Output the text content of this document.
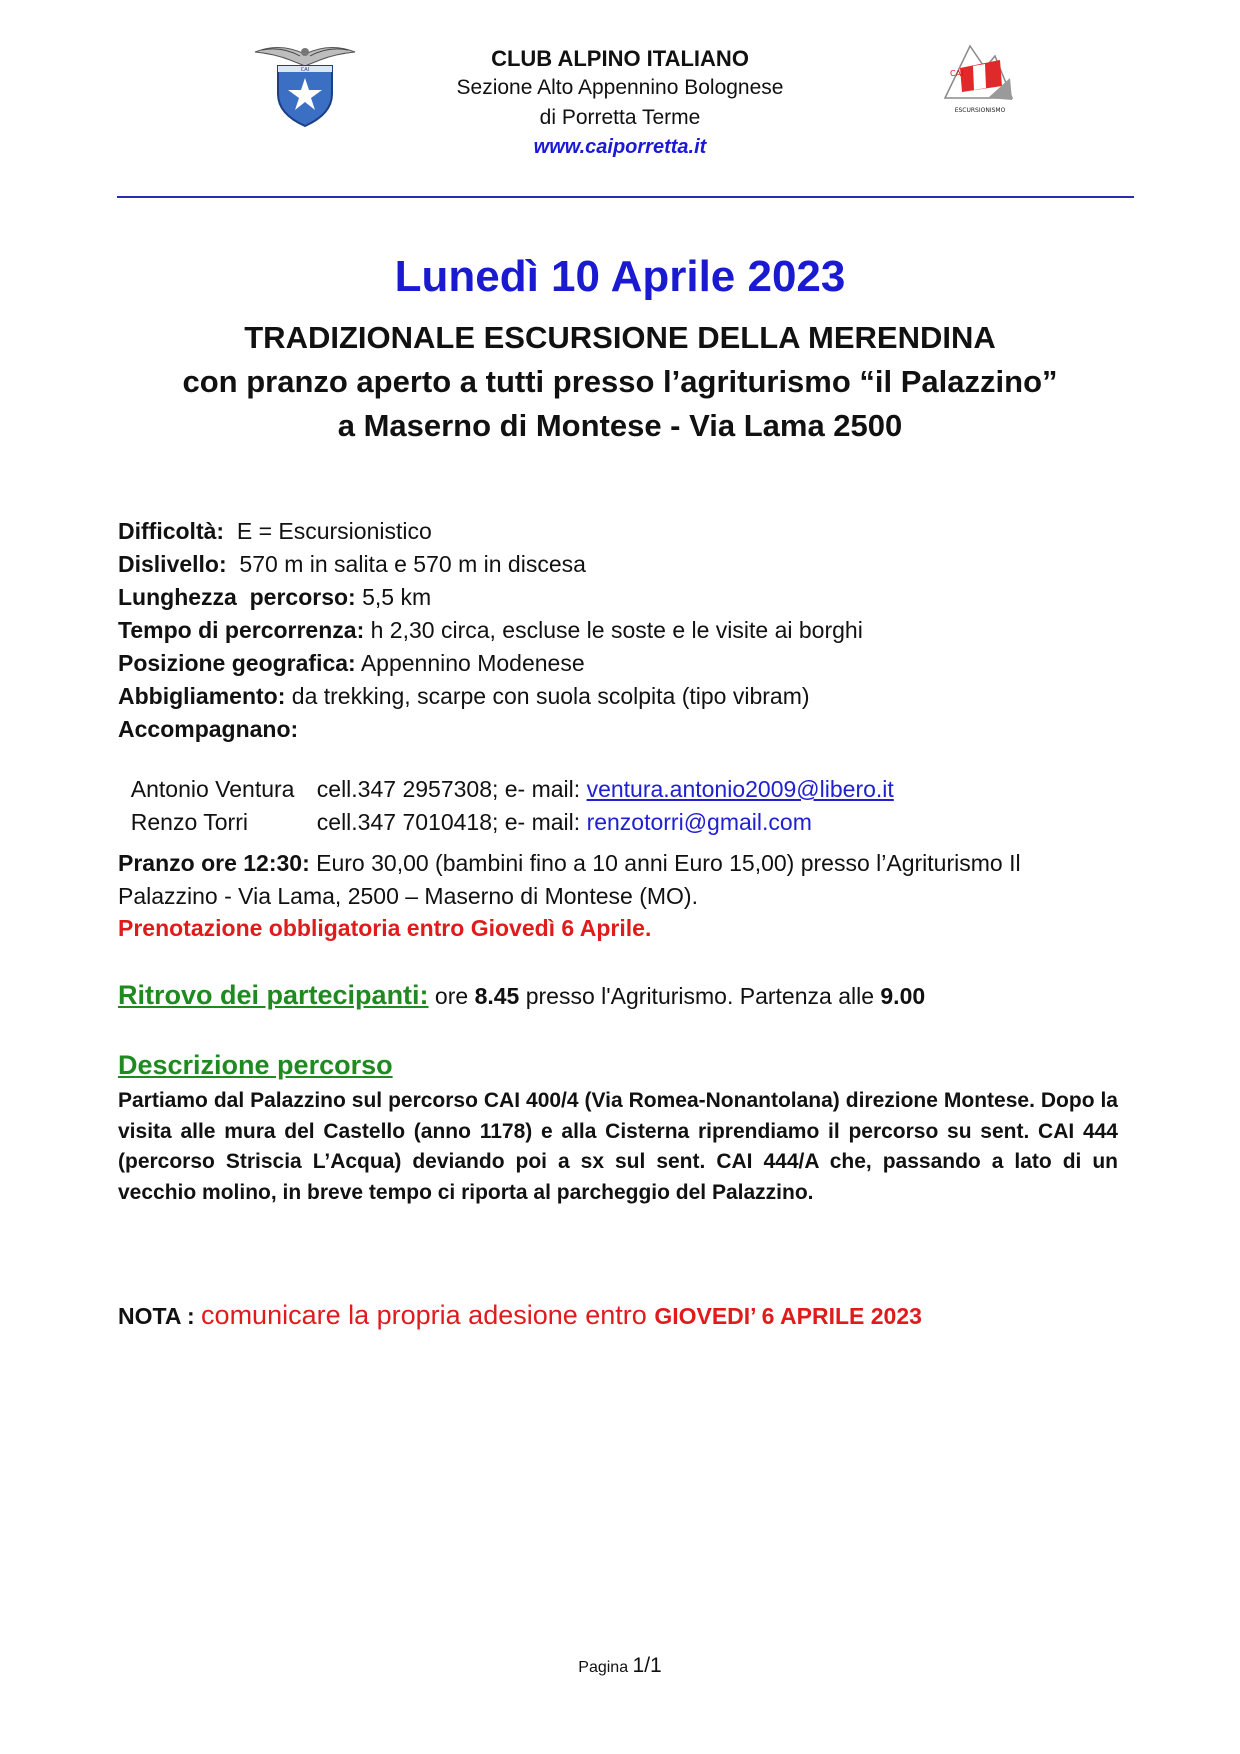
CAI	CAI
ESCURSIONISMO
CLUB ALPINO ITALIANO
Sezione Alto Appennino Bolognese
di Porretta Terme
www.caiporretta.it
Lunedì 10 Aprile 2023
TRADIZIONALE ESCURSIONE DELLA MERENDINA
con pranzo aperto a tutti presso l’agriturismo “il Palazzino”
a Maserno di Montese - Via Lama 2500
Difficoltà:  E = Escursionistico
Dislivello:  570 m in salita e 570 m in discesa
Lunghezza  percorso: 5,5 km
Tempo di percorrenza: h 2,30 circa, escluse le soste e le visite ai borghi
Posizione geografica: Appennino Modenese
Abbigliamento: da trekking, scarpe con suola scolpita (tipo vibram)
Accompagnano:

Antonio Ventura cell.347 2957308; e- mail: ventura.antonio2009@libero.it

Renzo Torri	cell.347 7010418; e- mail: renzotorri@gmail.com

Pranzo ore 12:30: Euro 30,00 (bambini fino a 10 anni Euro 15,00) presso l’Agriturismo Il
Palazzino - Via Lama, 2500 – Maserno di Montese (MO).
Prenotazione obbligatoria entro Giovedì 6 Aprile.
Ritrovo dei partecipanti: ore 8.45 presso l'Agriturismo. Partenza alle 9.00
Descrizione percorso
Partiamo dal Palazzino sul percorso CAI 400/4 (Via Romea-Nonantolana) direzione Montese. Dopo la visita alle mura del Castello (anno 1178) e alla Cisterna riprendiamo il percorso su sent. CAI 444 (percorso Striscia L’Acqua) deviando poi a sx sul sent. CAI 444/A che, passando a lato di un vecchio molino, in breve tempo ci riporta al parcheggio del Palazzino.
NOTA : comunicare la propria adesione entro GIOVEDI’ 6 APRILE 2023
Pagina 1/1
